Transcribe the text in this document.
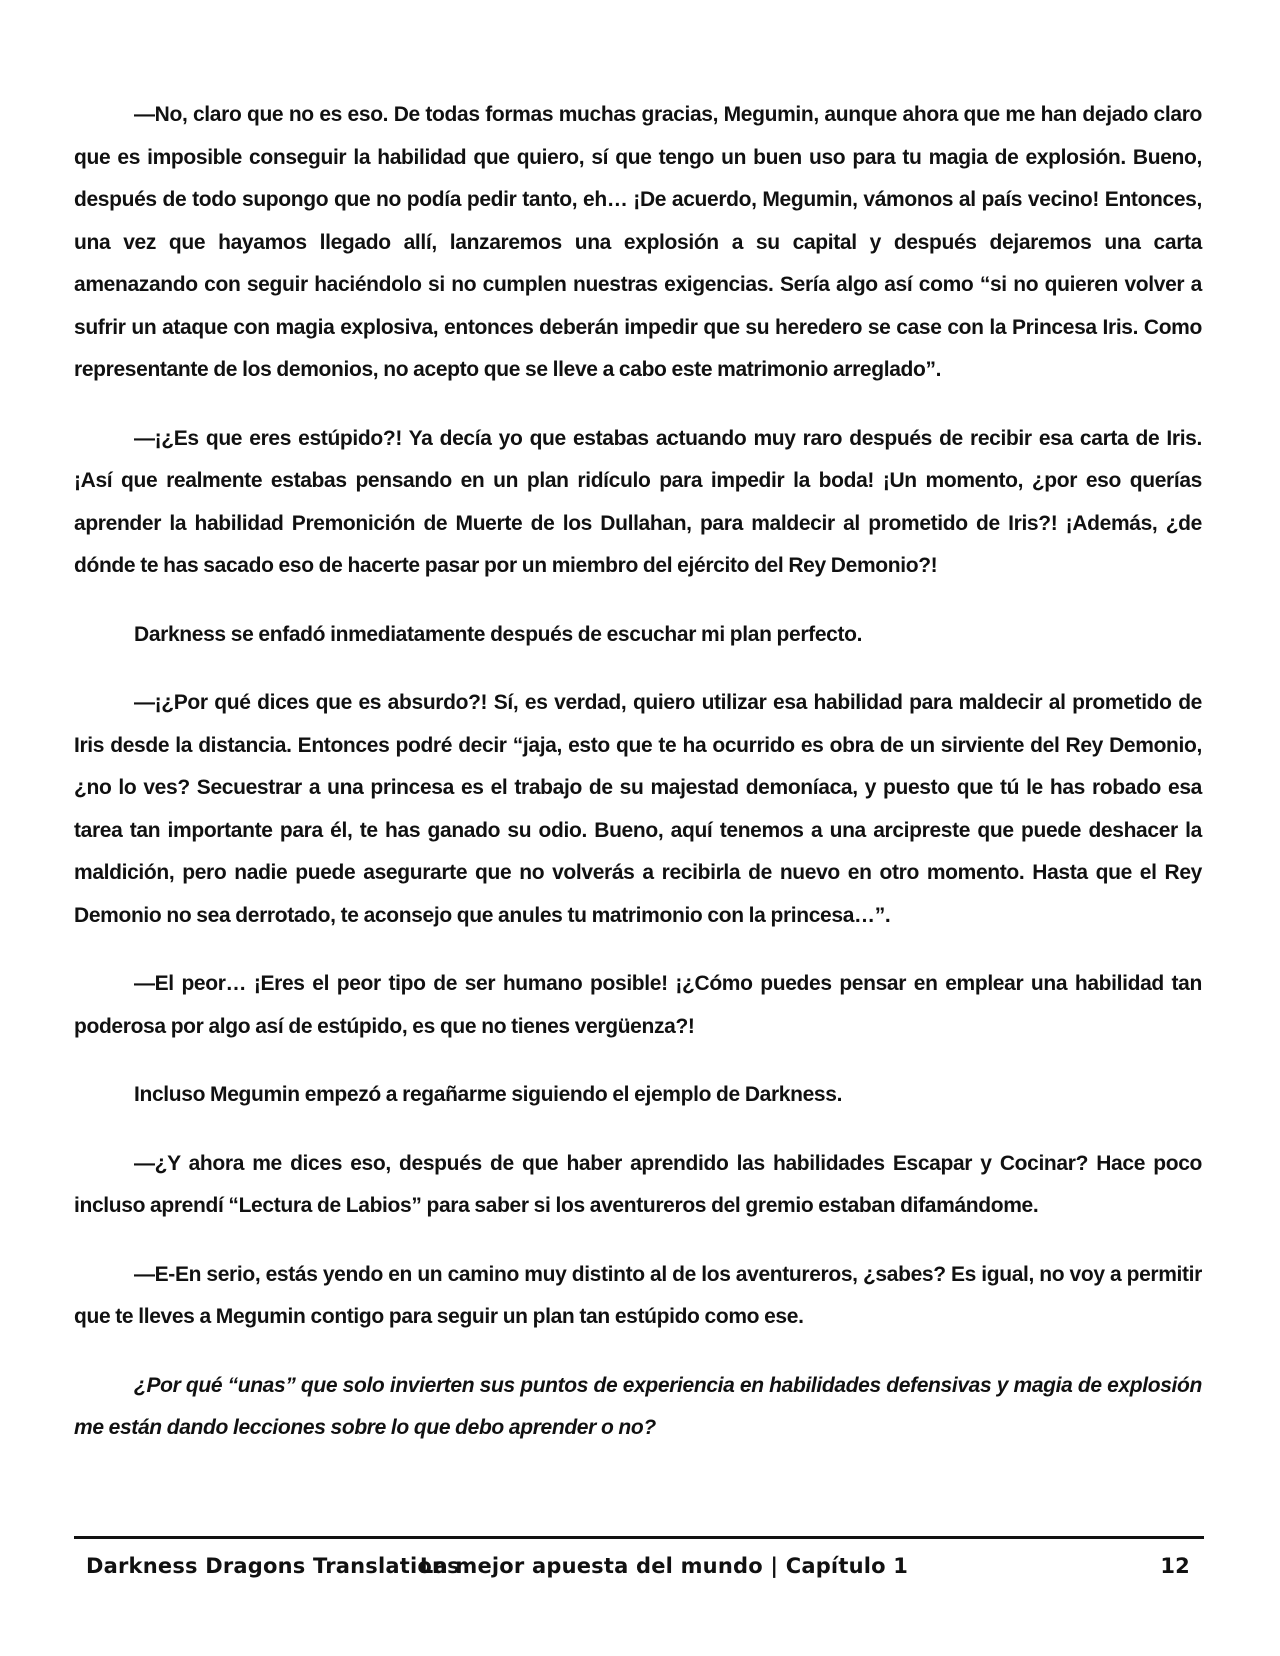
—No, claro que no es eso. De todas formas muchas gracias, Megumin, aunque ahora que me han dejado claro que es imposible conseguir la habilidad que quiero, sí que tengo un buen uso para tu magia de explosión. Bueno, después de todo supongo que no podía pedir tanto, eh… ¡De acuerdo, Megumin, vámonos al país vecino! Entonces, una vez que hayamos llegado allí, lanzaremos una explosión a su capital y después dejaremos una carta amenazando con seguir haciéndolo si no cumplen nuestras exigencias. Sería algo así como “si no quieren volver a sufrir un ataque con magia explosiva, entonces deberán impedir que su heredero se case con la Princesa Iris. Como representante de los demonios, no acepto que se lleve a cabo este matrimonio arreglado”.

—¡¿Es que eres estúpido?! Ya decía yo que estabas actuando muy raro después de recibir esa carta de Iris. ¡Así que realmente estabas pensando en un plan ridículo para impedir la boda! ¡Un momento, ¿por eso querías aprender la habilidad Premonición de Muerte de los Dullahan, para maldecir al prometido de Iris?! ¡Además, ¿de dónde te has sacado eso de hacerte pasar por un miembro del ejército del Rey Demonio?!

Darkness se enfadó inmediatamente después de escuchar mi plan perfecto.

—¡¿Por qué dices que es absurdo?! Sí, es verdad, quiero utilizar esa habilidad para maldecir al prometido de Iris desde la distancia. Entonces podré decir “jaja, esto que te ha ocurrido es obra de un sirviente del Rey Demonio, ¿no lo ves? Secuestrar a una princesa es el trabajo de su majestad demoníaca, y puesto que tú le has robado esa tarea tan importante para él, te has ganado su odio. Bueno, aquí tenemos a una arcipreste que puede deshacer la maldición, pero nadie puede asegurarte que no volverás a recibirla de nuevo en otro momento. Hasta que el Rey Demonio no sea derrotado, te aconsejo que anules tu matrimonio con la princesa…”.

—El peor… ¡Eres el peor tipo de ser humano posible! ¡¿Cómo puedes pensar en emplear una habilidad tan poderosa por algo así de estúpido, es que no tienes vergüenza?!

Incluso Megumin empezó a regañarme siguiendo el ejemplo de Darkness.

—¿Y ahora me dices eso, después de que haber aprendido las habilidades Escapar y Cocinar? Hace poco incluso aprendí “Lectura de Labios” para saber si los aventureros del gremio estaban difamándome.

—E-En serio, estás yendo en un camino muy distinto al de los aventureros, ¿sabes? Es igual, no voy a permitir que te lleves a Megumin contigo para seguir un plan tan estúpido como ese.

¿Por qué “unas” que solo invierten sus puntos de experiencia en habilidades defensivas y magia de explosión me están dando lecciones sobre lo que debo aprender o no?

Darkness Dragons Translations
La mejor apuesta del mundo | Capítulo 1	12
